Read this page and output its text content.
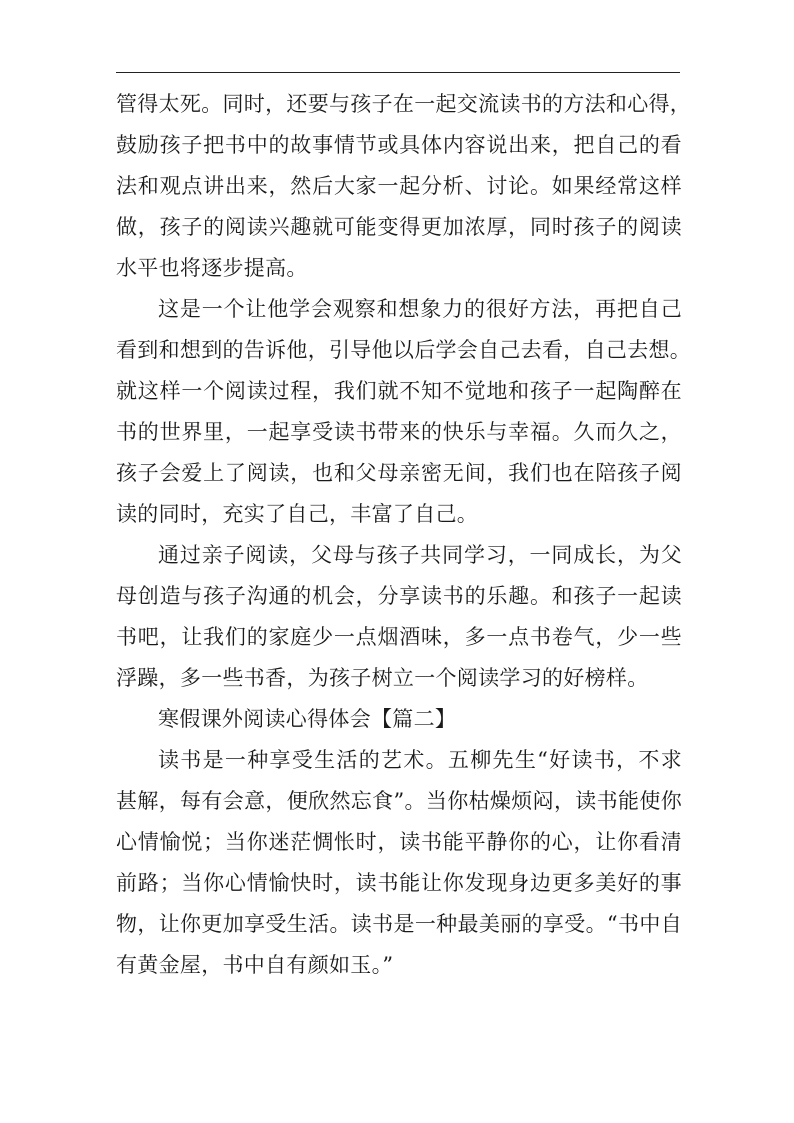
管得太死。同时，还要与孩子在一起交流读书的方法和心得，
鼓励孩子把书中的故事情节或具体内容说出来，把自己的看
法和观点讲出来，然后大家一起分析、讨论。如果经常这样
做，孩子的阅读兴趣就可能变得更加浓厚，同时孩子的阅读
水平也将逐步提高。
这是一个让他学会观察和想象力的很好方法，再把自己
看到和想到的告诉他，引导他以后学会自己去看，自己去想。
就这样一个阅读过程，我们就不知不觉地和孩子一起陶醉在
书的世界里，一起享受读书带来的快乐与幸福。久而久之，
孩子会爱上了阅读，也和父母亲密无间，我们也在陪孩子阅
读的同时，充实了自己，丰富了自己。
通过亲子阅读，父母与孩子共同学习，一同成长，为父
母创造与孩子沟通的机会，分享读书的乐趣。和孩子一起读
书吧，让我们的家庭少一点烟酒味，多一点书卷气，少一些
浮躁，多一些书香，为孩子树立一个阅读学习的好榜样。
寒假课外阅读心得体会【篇二】
读书是一种享受生活的艺术。五柳先生“好读书，不求
甚解，每有会意，便欣然忘食”。当你枯燥烦闷，读书能使你
心情愉悦；当你迷茫惆怅时，读书能平静你的心，让你看清
前路；当你心情愉快时，读书能让你发现身边更多美好的事
物，让你更加享受生活。读书是一种最美丽的享受。“书中自
有黄金屋，书中自有颜如玉。”
